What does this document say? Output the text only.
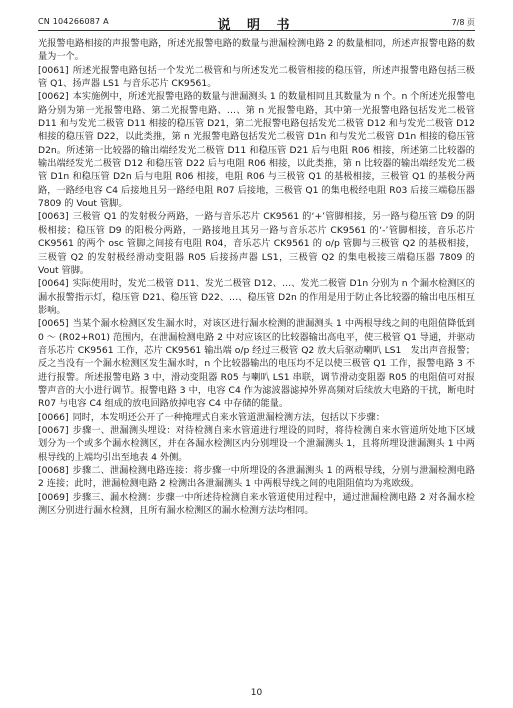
CN 104266087 A	说 明 书	7/8 页

光报警电路相接的声报警电路，所述光报警电路的数量与泄漏检测电路 2 的数量相同，所述声报警电路的数量为一个。

[0061] 所述光报警电路包括一个发光二极管和与所述发光二极管相接的稳压管，所述声报警电路包括三极管 Q1、扬声器 LS1 与音乐芯片 CK9561。

[0062] 本实施例中，所述光报警电路的数量与泄漏测头 1 的数量相同且其数量为 n 个。n 个所述光报警电路分别为第一光报警电路、第二光报警电路、…、第 n 光报警电路，其中第一光报警电路包括发光二极管 D11 和与发光二极管 D11 相接的稳压管 D21，第二光报警电路包括发光二极管 D12 和与发光二极管 D12 相接的稳压管 D22，以此类推，第 n 光报警电路包括发光二极管 D1n 和与发光二极管 D1n 相接的稳压管 D2n。所述第一比较器的输出端经发光二极管 D11 和稳压管 D21 后与电阻 R06 相接，所述第二比较器的输出端经发光二极管 D12 和稳压管 D22 后与电阻 R06 相接，以此类推，第 n 比较器的输出端经发光二极管 D1n 和稳压管 D2n 后与电阻 R06 相接，电阻 R06 与三极管 Q1 的基极相接，三极管 Q1 的基极分两路，一路经电容 C4 后接地且另一路经电阻 R07 后接地，三极管 Q1 的集电极经电阻 R03 后接三端稳压器 7809 的 Vout 管脚。

[0063] 三极管 Q1 的发射极分两路，一路与音乐芯片 CK9561 的‘+’管脚相接，另一路与稳压管 D9 的阴极相接；稳压管 D9 的阳极分两路，一路接地且其另一路与音乐芯片 CK9561 的‘-’管脚相接，音乐芯片 CK9561 的两个 osc 管脚之间接有电阻 R04，音乐芯片 CK9561 的 o/p 管脚与三极管 Q2 的基极相接，三极管 Q2 的发射极经滑动变阻器 R05 后接扬声器 LS1，三极管 Q2 的集电极接三端稳压器 7809 的 Vout 管脚。

[0064] 实际使用时，发光二极管 D11、发光二极管 D12、…、发光二极管 D1n 分别为 n 个漏水检测区的漏水报警指示灯，稳压管 D21、稳压管 D22、…、稳压管 D2n 的作用是用于防止各比较器的输出电压相互影响。

[0065] 当某个漏水检测区发生漏水时，对该区进行漏水检测的泄漏测头 1 中两根导线之间的电阻值降低到 0 ～ (R02+R01) 范围内，在泄漏检测电路 2 中对应该区的比较器输出高电平，使三极管 Q1 导通，并驱动音乐芯片 CK9561 工作，芯片 CK9561 输出端 o/p 经过三极管 Q2 放大后驱动喇叭 LS1　发出声音报警；反之当没有一个漏水检测区发生漏水时，n 个比较器输出的电压均不足以使三极管 Q1 工作，报警电路 3 不进行报警。所述报警电路 3 中，滑动变阻器 R05 与喇叭 LS1 串联，调节滑动变阻器 R05 的电阻值可对报警声音的大小进行调节。报警电路 3 中，电容 C4 作为滤波器滤掉外界高频对后续放大电路的干扰，断电时 R07 与电容 C4 组成的放电回路放掉电容 C4 中存储的能量。

[0066] 同时，本发明还公开了一种掩埋式自来水管道泄漏检测方法，包括以下步骤：

[0067] 步骤一、泄漏测头埋设：对待检测自来水管道进行埋设的同时，将待检测自来水管道所处地下区域划分为一个或多个漏水检测区，并在各漏水检测区内分别埋设一个泄漏测头 1，且将所埋设泄漏测头 1 中两根导线的上端均引出至地表 4 外侧。

[0068] 步骤二、泄漏检测电路连接：将步骤一中所埋设的各泄漏测头 1 的两根导线，分别与泄漏检测电路 2 连接；此时，泄漏检测电路 2 检测出各泄漏测头 1 中两根导线之间的电阻阻值均为兆欧级。

[0069] 步骤三、漏水检测：步骤一中所述待检测自来水管道使用过程中，通过泄漏检测电路 2 对各漏水检测区分别进行漏水检测，且所有漏水检测区的漏水检测方法均相同。

10
